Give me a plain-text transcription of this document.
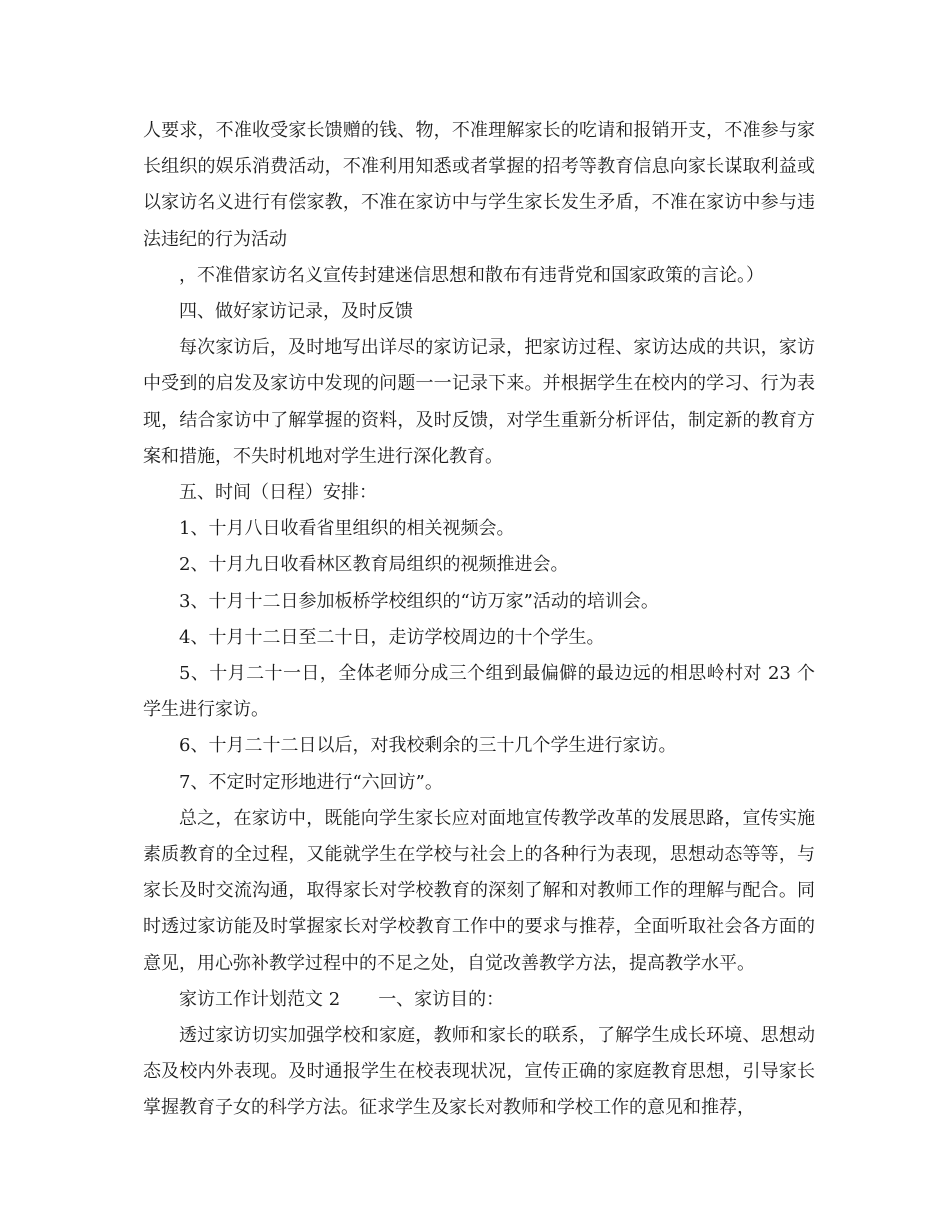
人要求，不准收受家长馈赠的钱、物，不准理解家长的吃请和报销开支，不准参与家长组织的娱乐消费活动，不准利用知悉或者掌握的招考等教育信息向家长谋取利益或以家访名义进行有偿家教，不准在家访中与学生家长发生矛盾，不准在家访中参与违法违纪的行为活动

，不准借家访名义宣传封建迷信思想和散布有违背党和国家政策的言论。）

四、做好家访记录，及时反馈

每次家访后，及时地写出详尽的家访记录，把家访过程、家访达成的共识，家访中受到的启发及家访中发现的问题一一记录下来。并根据学生在校内的学习、行为表现，结合家访中了解掌握的资料，及时反馈，对学生重新分析评估，制定新的教育方案和措施，不失时机地对学生进行深化教育。

五、时间（日程）安排：

1、十月八日收看省里组织的相关视频会。

2、十月九日收看林区教育局组织的视频推进会。

3、十月十二日参加板桥学校组织的“访万家”活动的培训会。

4、十月十二日至二十日，走访学校周边的十个学生。

5、十月二十一日，全体老师分成三个组到最偏僻的最边远的相思岭村对 23 个学生进行家访。

6、十月二十二日以后，对我校剩余的三十几个学生进行家访。

7、不定时定形地进行“六回访”。

总之，在家访中，既能向学生家长应对面地宣传教学改革的发展思路，宣传实施素质教育的全过程，又能就学生在学校与社会上的各种行为表现，思想动态等等，与家长及时交流沟通，取得家长对学校教育的深刻了解和对教师工作的理解与配合。同时透过家访能及时掌握家长对学校教育工作中的要求与推荐，全面听取社会各方面的意见，用心弥补教学过程中的不足之处，自觉改善教学方法，提高教学水平。

家访工作计划范文 2 一、家访目的：

透过家访切实加强学校和家庭，教师和家长的联系，了解学生成长环境、思想动态及校内外表现。及时通报学生在校表现状况，宣传正确的家庭教育思想，引导家长掌握教育子女的科学方法。征求学生及家长对教师和学校工作的意见和推荐，
